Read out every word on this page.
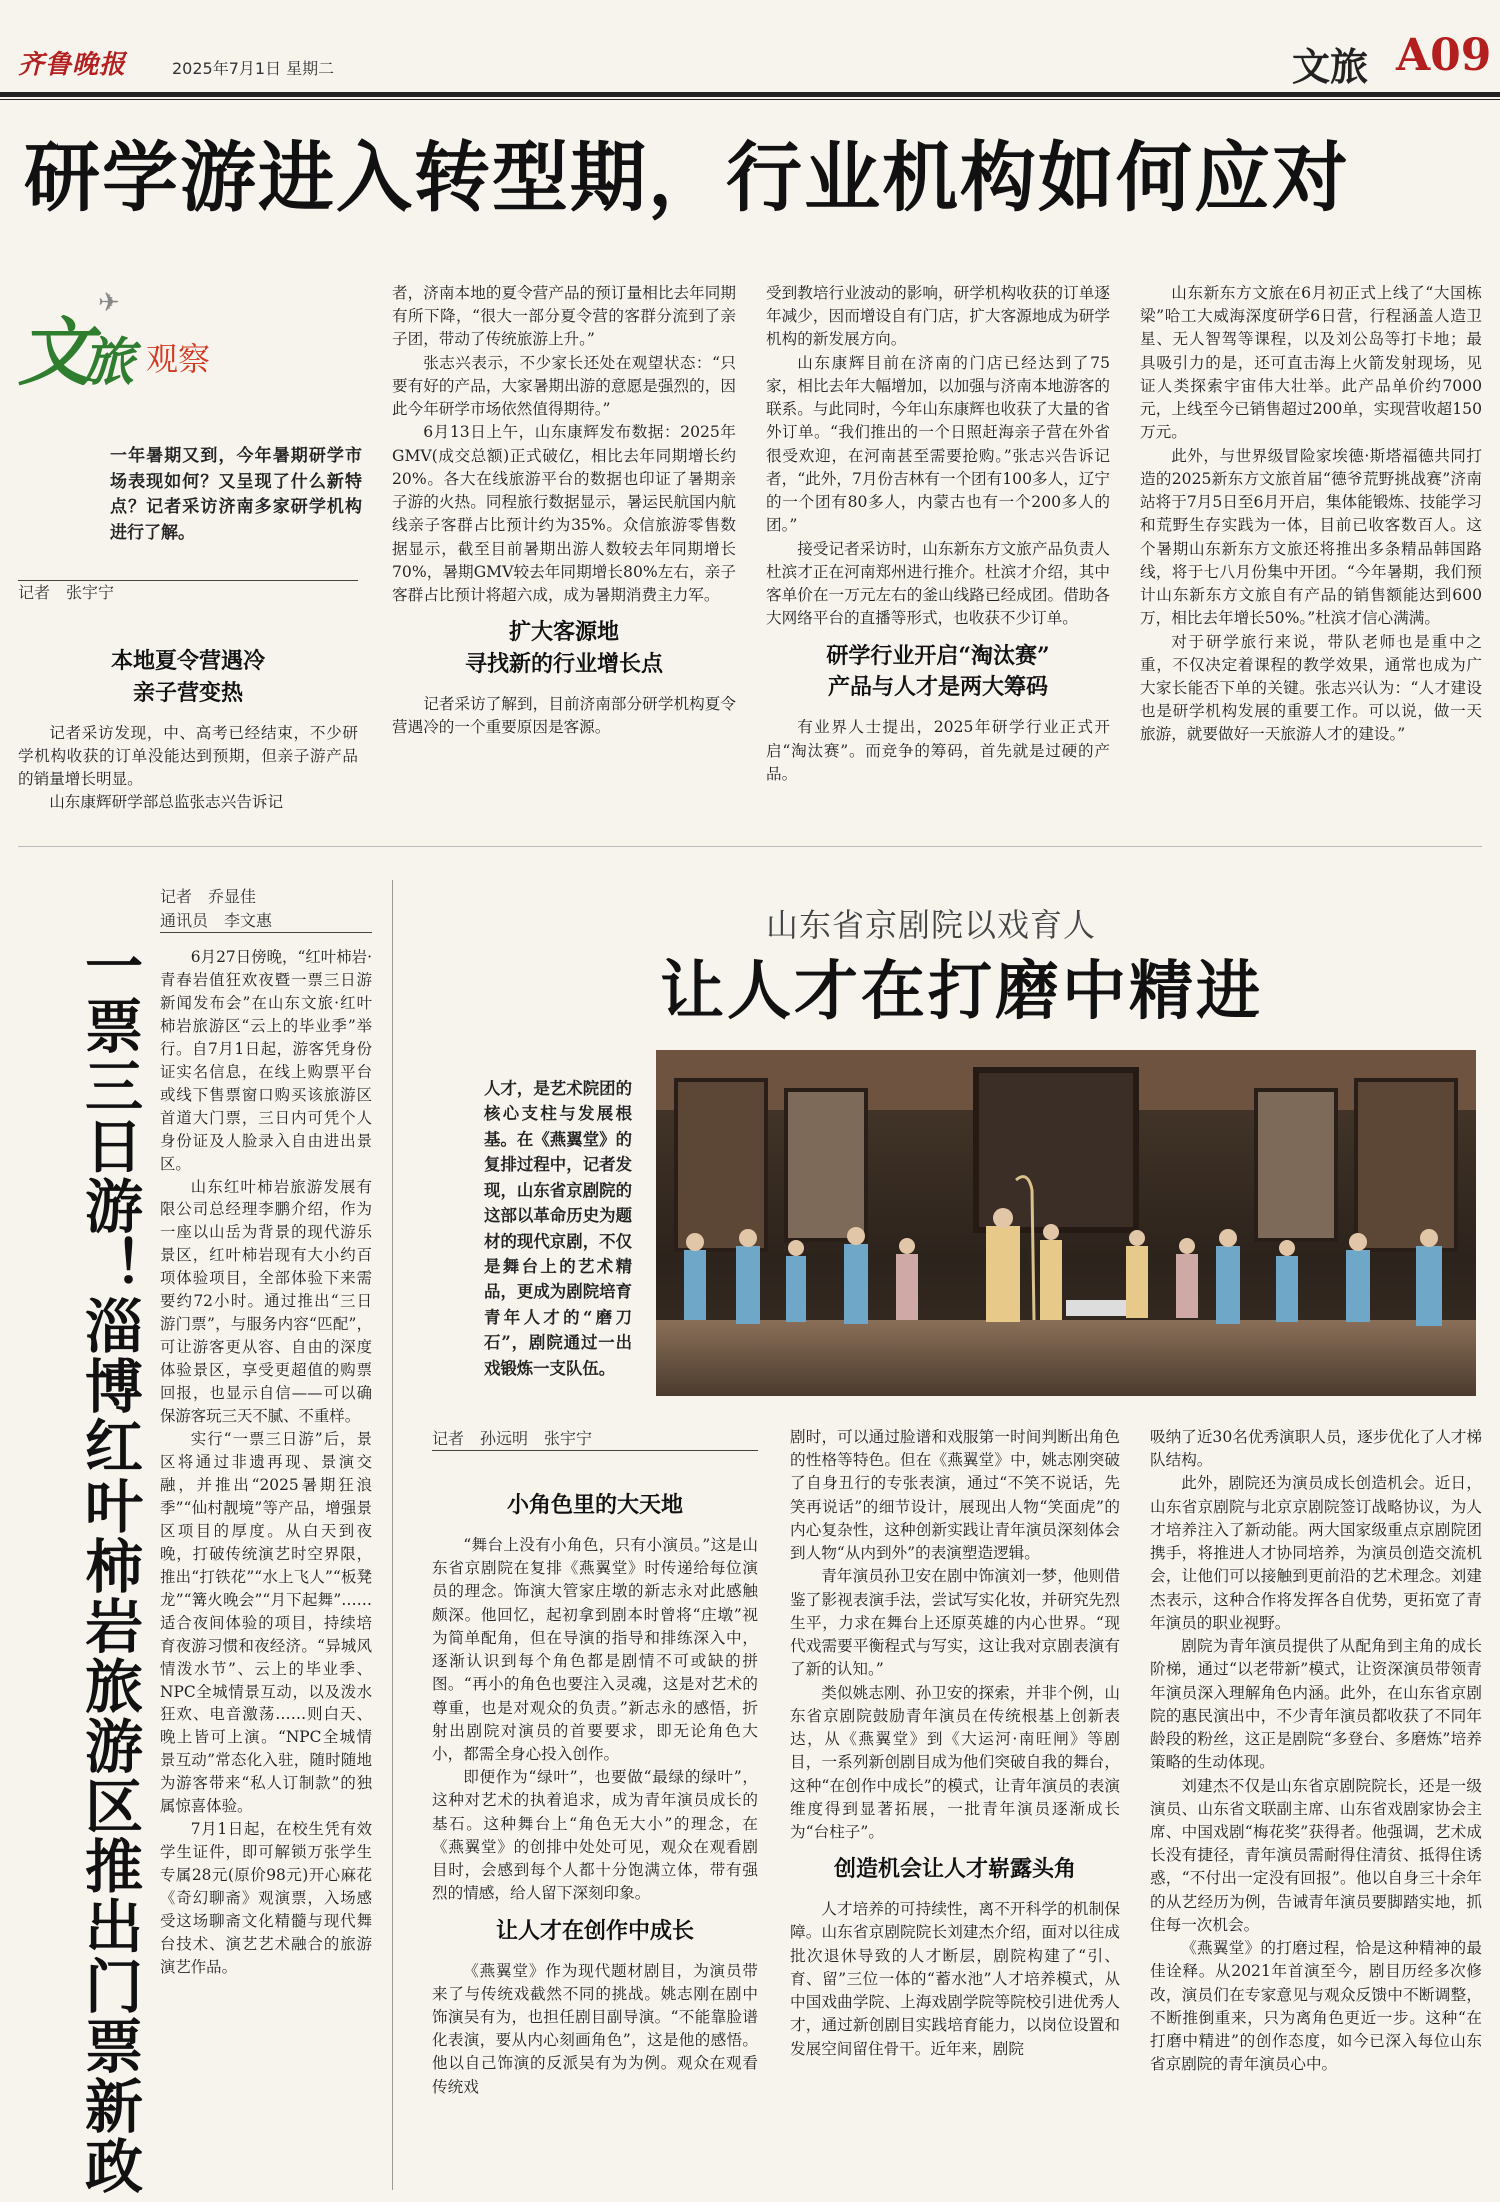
齐鲁晚报	2025年7月1日 星期二	文旅 A09
研学游进入转型期，行业机构如何应对
✈
文
旅 观察
一年暑期又到，今年暑期研学市场表现如何？又呈现了什么新特点？记者采访济南多家研学机构进行了解。
记者　张宇宁
本地夏令营遇冷
亲子营变热

记者采访发现，中、高考已经结束，不少研学机构收获的订单没能达到预期，但亲子游产品的销量增长明显。

山东康辉研学部总监张志兴告诉记

者，济南本地的夏令营产品的预订量相比去年同期有所下降，“很大一部分夏令营的客群分流到了亲子团，带动了传统旅游上升。”

张志兴表示，不少家长还处在观望状态：“只要有好的产品，大家暑期出游的意愿是强烈的，因此今年研学市场依然值得期待。”

6月13日上午，山东康辉发布数据：2025年GMV(成交总额)正式破亿，相比去年同期增长约20%。各大在线旅游平台的数据也印证了暑期亲子游的火热。同程旅行数据显示，暑运民航国内航线亲子客群占比预计约为35%。众信旅游零售数据显示，截至目前暑期出游人数较去年同期增长70%，暑期GMV较去年同期增长80%左右，亲子客群占比预计将超六成，成为暑期消费主力军。

扩大客源地
寻找新的行业增长点

记者采访了解到，目前济南部分研学机构夏令营遇冷的一个重要原因是客源。

受到教培行业波动的影响，研学机构收获的订单逐年减少，因而增设自有门店，扩大客源地成为研学机构的新发展方向。

山东康辉目前在济南的门店已经达到了75家，相比去年大幅增加，以加强与济南本地游客的联系。与此同时，今年山东康辉也收获了大量的省外订单。“我们推出的一个日照赶海亲子营在外省很受欢迎，在河南甚至需要抢购。”张志兴告诉记者，“此外，7月份吉林有一个团有100多人，辽宁的一个团有80多人，内蒙古也有一个200多人的团。”

接受记者采访时，山东新东方文旅产品负责人杜滨才正在河南郑州进行推介。杜滨才介绍，其中客单价在一万元左右的釜山线路已经成团。借助各大网络平台的直播等形式，也收获不少订单。

研学行业开启“淘汰赛”
产品与人才是两大筹码

有业界人士提出，2025年研学行业正式开启“淘汰赛”。而竞争的筹码，首先就是过硬的产品。

山东新东方文旅在6月初正式上线了“大国栋梁”哈工大威海深度研学6日营，行程涵盖人造卫星、无人智驾等课程，以及刘公岛等打卡地；最具吸引力的是，还可直击海上火箭发射现场，见证人类探索宇宙伟大壮举。此产品单价约7000元，上线至今已销售超过200单，实现营收超150万元。

此外，与世界级冒险家埃德·斯塔福德共同打造的2025新东方文旅首届“德爷荒野挑战赛”济南站将于7月5日至6月开启，集体能锻炼、技能学习和荒野生存实践为一体，目前已收客数百人。这个暑期山东新东方文旅还将推出多条精品韩国路线，将于七八月份集中开团。“今年暑期，我们预计山东新东方文旅自有产品的销售额能达到600万，相比去年增长50%。”杜滨才信心满满。

对于研学旅行来说，带队老师也是重中之重，不仅决定着课程的教学效果，通常也成为广大家长能否下单的关键。张志兴认为：“人才建设也是研学机构发展的重要工作。可以说，做一天旅游，就要做好一天旅游人才的建设。”

记者　乔显佳
通讯员　李文惠
一票三日游！淄博红叶柿岩旅游区推出门票新政	6月27日傍晚，“红叶柿岩·青春岩值狂欢夜暨一票三日游新闻发布会”在山东文旅·红叶柿岩旅游区“云上的毕业季”举行。自7月1日起，游客凭身份证实名信息，在线上购票平台或线下售票窗口购买该旅游区首道大门票，三日内可凭个人身份证及人脸录入自由进出景区。

山东红叶柿岩旅游发展有限公司总经理李鹏介绍，作为一座以山岳为背景的现代游乐景区，红叶柿岩现有大小约百项体验项目，全部体验下来需要约72小时。通过推出“三日游门票”，与服务内容“匹配”，可让游客更从容、自由的深度体验景区，享受更超值的购票回报，也显示自信——可以确保游客玩三天不腻、不重样。

实行“一票三日游”后，景区将通过非遗再现、景演交融，并推出“2025暑期狂浪季”“仙村靓境”等产品，增强景区项目的厚度。从白天到夜晚，打破传统演艺时空界限，推出“打铁花”“水上飞人”“板凳龙”“篝火晚会”“月下起舞”……适合夜间体验的项目，持续培育夜游习惯和夜经济。“异城风情泼水节”、云上的毕业季、NPC全城情景互动，以及泼水狂欢、电音激荡……则白天、晚上皆可上演。“NPC全城情景互动”常态化入驻，随时随地为游客带来“私人订制款”的独属惊喜体验。

7月1日起，在校生凭有效学生证件，即可解锁万张学生专属28元(原价98元)开心麻花《奇幻聊斋》观演票，入场感受这场聊斋文化精髓与现代舞台技术、演艺艺术融合的旅游演艺作品。

山东省京剧院以戏育人
让人才在打磨中精进
人才，是艺术院团的核心支柱与发展根基。在《燕翼堂》的复排过程中，记者发现，山东省京剧院的这部以革命历史为题材的现代京剧，不仅是舞台上的艺术精品，更成为剧院培育青年人才的“磨刀石”，剧院通过一出戏锻炼一支队伍。
记者　孙远明　张宇宁
小角色里的大天地

“舞台上没有小角色，只有小演员。”这是山东省京剧院在复排《燕翼堂》时传递给每位演员的理念。饰演大管家庄墩的新志永对此感触颇深。他回忆，起初拿到剧本时曾将“庄墩”视为简单配角，但在导演的指导和排练深入中，逐渐认识到每个角色都是剧情不可或缺的拼图。“再小的角色也要注入灵魂，这是对艺术的尊重，也是对观众的负责。”新志永的感悟，折射出剧院对演员的首要要求，即无论角色大小，都需全身心投入创作。

即便作为“绿叶”，也要做“最绿的绿叶”，这种对艺术的执着追求，成为青年演员成长的基石。这种舞台上“角色无大小”的理念，在《燕翼堂》的创排中处处可见，观众在观看剧目时，会感到每个人都十分饱满立体，带有强烈的情感，给人留下深刻印象。

让人才在创作中成长

《燕翼堂》作为现代题材剧目，为演员带来了与传统戏截然不同的挑战。姚志刚在剧中饰演吴有为，也担任剧目副导演。“不能靠脸谱化表演，要从内心刻画角色”，这是他的感悟。他以自己饰演的反派吴有为为例。观众在观看传统戏

剧时，可以通过脸谱和戏服第一时间判断出角色的性格等特色。但在《燕翼堂》中，姚志刚突破了自身丑行的专张表演，通过“不笑不说话，先笑再说话”的细节设计，展现出人物“笑面虎”的内心复杂性，这种创新实践让青年演员深刻体会到人物“从内到外”的表演塑造逻辑。

青年演员孙卫安在剧中饰演刘一梦，他则借鉴了影视表演手法，尝试写实化妆，并研究先烈生平，力求在舞台上还原英雄的内心世界。“现代戏需要平衡程式与写实，这让我对京剧表演有了新的认知。”

类似姚志刚、孙卫安的探索，并非个例，山东省京剧院鼓励青年演员在传统根基上创新表达，从《燕翼堂》到《大运河·南旺闸》等剧目，一系列新创剧目成为他们突破自我的舞台，这种“在创作中成长”的模式，让青年演员的表演维度得到显著拓展，一批青年演员逐渐成长为“台柱子”。

创造机会让人才崭露头角

人才培养的可持续性，离不开科学的机制保障。山东省京剧院院长刘建杰介绍，面对以往成批次退休导致的人才断层，剧院构建了“引、育、留”三位一体的“蓄水池”人才培养模式，从中国戏曲学院、上海戏剧学院等院校引进优秀人才，通过新创剧目实践培育能力，以岗位设置和发展空间留住骨干。近年来，剧院

吸纳了近30名优秀演职人员，逐步优化了人才梯队结构。

此外，剧院还为演员成长创造机会。近日，山东省京剧院与北京京剧院签订战略协议，为人才培养注入了新动能。两大国家级重点京剧院团携手，将推进人才协同培养，为演员创造交流机会，让他们可以接触到更前沿的艺术理念。刘建杰表示，这种合作将发挥各自优势，更拓宽了青年演员的职业视野。

剧院为青年演员提供了从配角到主角的成长阶梯，通过“以老带新”模式，让资深演员带领青年演员深入理解角色内涵。此外，在山东省京剧院的惠民演出中，不少青年演员都收获了不同年龄段的粉丝，这正是剧院“多登台、多磨炼”培养策略的生动体现。

刘建杰不仅是山东省京剧院院长，还是一级演员、山东省文联副主席、山东省戏剧家协会主席、中国戏剧“梅花奖”获得者。他强调，艺术成长没有捷径，青年演员需耐得住清贫、抵得住诱惑，“不付出一定没有回报”。他以自身三十余年的从艺经历为例，告诫青年演员要脚踏实地，抓住每一次机会。

《燕翼堂》的打磨过程，恰是这种精神的最佳诠释。从2021年首演至今，剧目历经多次修改，演员们在专家意见与观众反馈中不断调整，不断推倒重来，只为离角色更近一步。这种“在打磨中精进”的创作态度，如今已深入每位山东省京剧院的青年演员心中。
